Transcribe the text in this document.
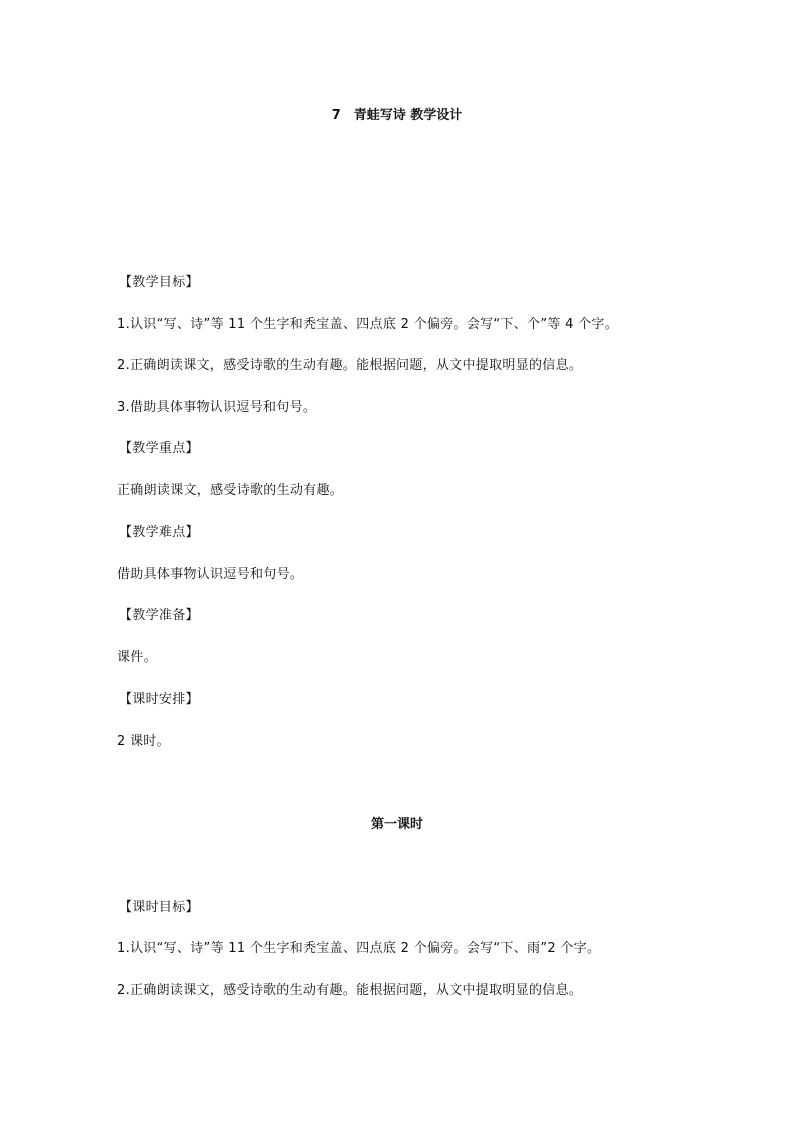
7　青蛙写诗 教学设计
【教学目标】
1.认识“写、诗”等 11 个生字和秃宝盖、四点底 2 个偏旁。会写“下、个”等 4 个字。
2.正确朗读课文，感受诗歌的生动有趣。能根据问题，从文中提取明显的信息。
3.借助具体事物认识逗号和句号。
【教学重点】
正确朗读课文，感受诗歌的生动有趣。
【教学难点】
借助具体事物认识逗号和句号。
【教学准备】
课件。
【课时安排】
2 课时。
第一课时
【课时目标】
1.认识“写、诗”等 11 个生字和秃宝盖、四点底 2 个偏旁。会写“下、雨”2 个字。
2.正确朗读课文，感受诗歌的生动有趣。能根据问题，从文中提取明显的信息。
